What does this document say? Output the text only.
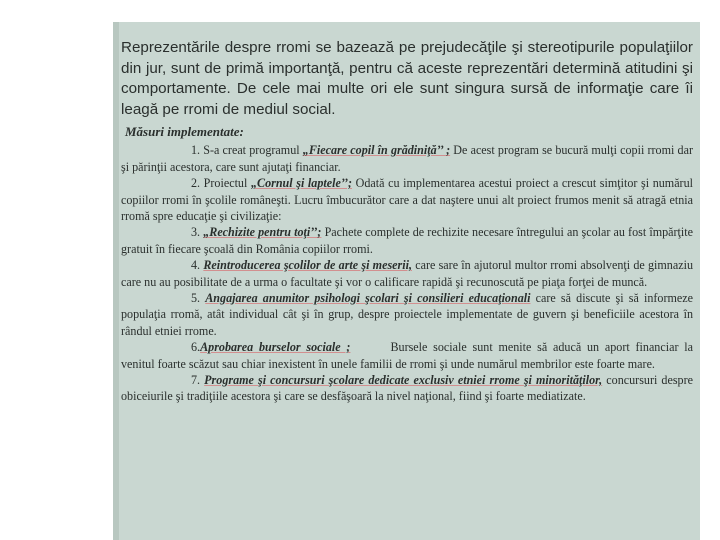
Reprezentările despre rromi se bazează pe prejudecăţile şi stereotipurile populaţiilor din jur, sunt de primă importanţă, pentru că aceste reprezentări determină atitudini şi comportamente. De cele mai multe ori ele sunt singura sursă de informaţie care îi leagă pe rromi de mediul social.

Măsuri implementate:

1. S-a creat programul „Fiecare copil în grădiniţă’’ ; De acest program se bucură mulţi copii rromi dar şi părinţii acestora, care sunt ajutaţi financiar.

2. Proiectul „Cornul şi laptele’’; Odată cu implementarea acestui proiect a crescut simţitor şi numărul copiilor rromi în şcolile româneşti. Lucru îmbucurător care a dat naştere unui alt proiect frumos menit să atragă etnia rromă spre educaţie şi civilizaţie:

3. „Rechizite pentru toţi’’; Pachete complete de rechizite necesare întregului an şcolar au fost împărţite gratuit în fiecare şcoală din România copiilor rromi.

4. Reintroducerea şcolilor de arte şi meserii, care sare în ajutorul multor rromi absolvenţi de gimnaziu care nu au posibilitate de a urma o facultate şi vor o calificare rapidă şi recunoscută pe piaţa forţei de muncă.

5. Angajarea anumitor psihologi şcolari şi consilieri educaţionali care să discute şi să informeze populaţia rromă, atât individual cât şi în grup, despre proiectele implementate de guvern şi beneficiile acestora în rândul etniei rrome.

6.Aprobarea burselor sociale ;	Bursele sociale sunt menite să aducă un aport financiar la venitul foarte scăzut sau chiar inexistent în unele familii de rromi şi unde numărul membrilor este foarte mare.

7. Programe şi concursuri şcolare dedicate exclusiv etniei rrome şi minorităţilor, concursuri despre obiceiurile şi tradiţiile acestora şi care se desfăşoară la nivel naţional, fiind şi foarte mediatizate.
